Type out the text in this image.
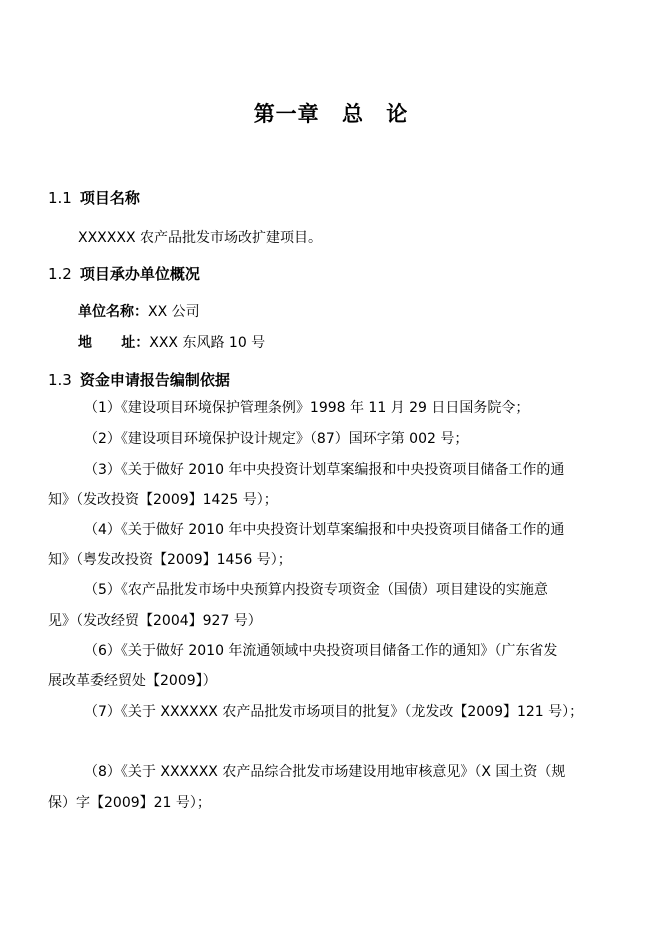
第一章 总 论
1.1 项目名称
XXXXXX 农产品批发市场改扩建项目。
1.2 项目承办单位概况
单位名称：XX 公司
地      址：XXX 东风路 10 号
1.3 资金申请报告编制依据
（1）《建设项目环境保护管理条例》1998 年 11 月 29 日日国务院令；
（2）《建设项目环境保护设计规定》（87）国环字第 002 号；
（3）《关于做好 2010 年中央投资计划草案编报和中央投资项目储备工作的通
知》（发改投资【2009】1425 号）；
（4）《关于做好 2010 年中央投资计划草案编报和中央投资项目储备工作的通
知》（粤发改投资【2009】1456 号）；
（5）《农产品批发市场中央预算内投资专项资金（国债）项目建设的实施意
见》（发改经贸【2004】927 号）
（6）《关于做好 2010 年流通领域中央投资项目储备工作的通知》（广东省发
展改革委经贸处【2009】）
（7）《关于 XXXXXX 农产品批发市场项目的批复》（龙发改【2009】121 号）；
（8）《关于 XXXXXX 农产品综合批发市场建设用地审核意见》（X 国土资（规
保）字【2009】21 号）；
